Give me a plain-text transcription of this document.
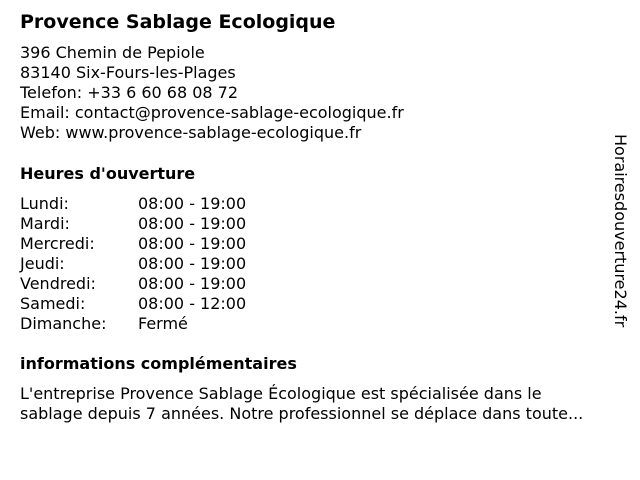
Provence Sablage Ecologique
396 Chemin de Pepiole
83140 Six-Fours-les-Plages
Telefon: +33 6 60 68 08 72
Email: contact@provence-sablage-ecologique.fr
Web: www.provence-sablage-ecologique.fr
Heures d'ouverture
Lundi:	08:00 - 19:00
Mardi:	08:00 - 19:00
Mercredi:	08:00 - 19:00
Jeudi:	08:00 - 19:00
Vendredi:	08:00 - 19:00
Samedi:	08:00 - 12:00
Dimanche: Fermé
informations complémentaires
L'entreprise Provence Sablage Écologique est spécialisée dans le
sablage depuis 7 années. Notre professionnel se déplace dans toute...
Horairesdouverture24.fr
